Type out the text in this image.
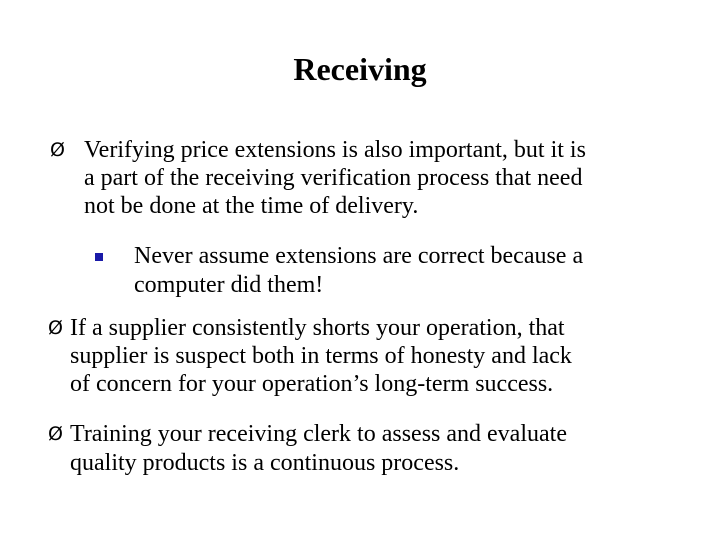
Receiving
Ø Verifying price extensions is also important, but it is
a part of the receiving verification process that need
not be done at the time of delivery.
Never assume extensions are correct because a
computer did them!
Ø If a supplier consistently shorts your operation, that
supplier is suspect both in terms of honesty and lack
of concern for your operation’s long-term success.
Ø Training your receiving clerk to assess and evaluate
quality products is a continuous process.
